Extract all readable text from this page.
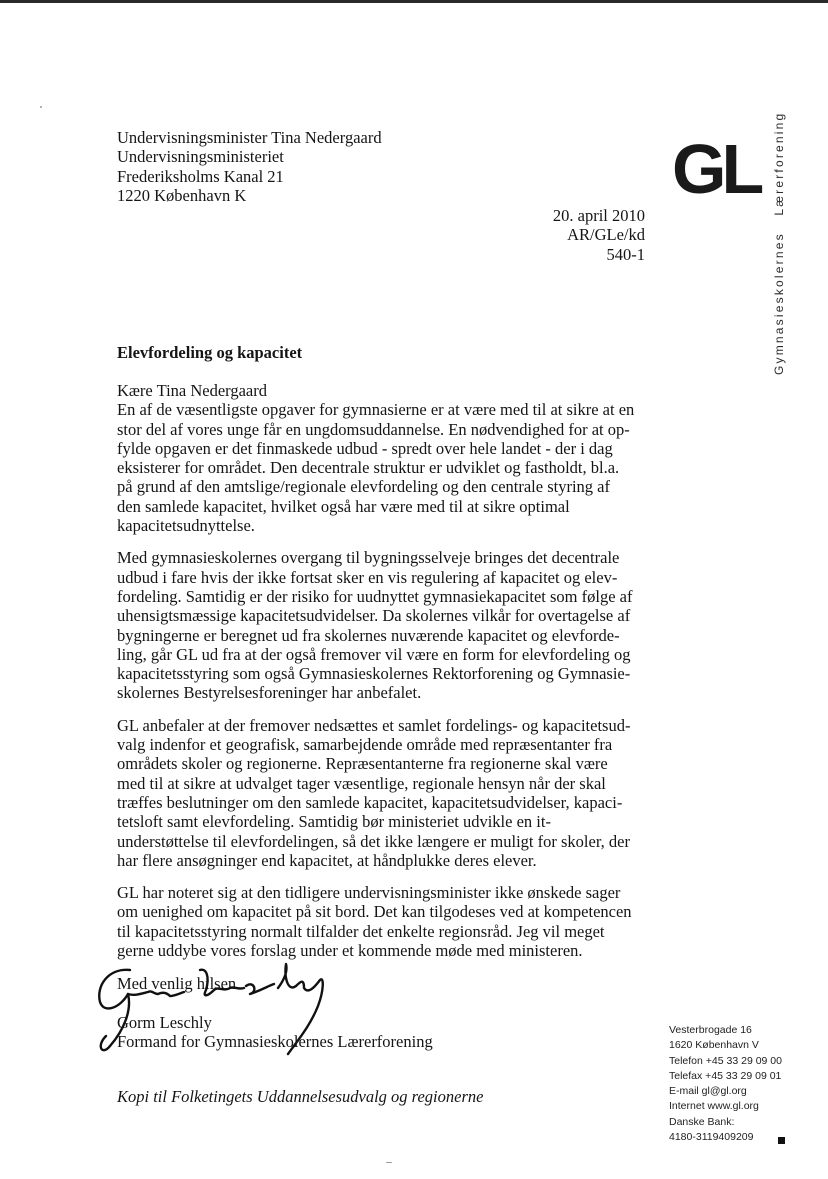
Undervisningsminister Tina Nedergaard
Undervisningsministeriet
Frederiksholms Kanal 21
1220 København K
20. april 2010
AR/GLe/kd
540-1
GL
Gymnasieskolernes   Lærerforening
Elevfordeling og kapacitet

Kære Tina Nedergaard

En af de væsentligste opgaver for gymnasierne er at være med til at sikre at en

stor del af vores unge får en ungdomsuddannelse. En nødvendighed for at op-

fylde opgaven er det finmaskede udbud - spredt over hele landet - der i dag

eksisterer for området. Den decentrale struktur er udviklet og fastholdt, bl.a.

på grund af den amtslige/regionale elevfordeling og den centrale styring af

den samlede kapacitet, hvilket også har være med til at sikre optimal

kapacitetsudnyttelse.

Med gymnasieskolernes overgang til bygningsselveje bringes det decentrale

udbud i fare hvis der ikke fortsat sker en vis regulering af kapacitet og elev-

fordeling. Samtidig er der risiko for uudnyttet gymnasiekapacitet som følge af

uhensigtsmæssige kapacitetsudvidelser. Da skolernes vilkår for overtagelse af

bygningerne er beregnet ud fra skolernes nuværende kapacitet og elevforde-

ling, går GL ud fra at der også fremover vil være en form for elevfordeling og

kapacitetsstyring som også Gymnasieskolernes Rektorforening og Gymnasie-

skolernes Bestyrelsesforeninger har anbefalet.

GL anbefaler at der fremover nedsættes et samlet fordelings- og kapacitetsud-

valg indenfor et geografisk, samarbejdende område med repræsentanter fra

områdets skoler og regionerne. Repræsentanterne fra regionerne skal være

med til at sikre at udvalget tager væsentlige, regionale hensyn når der skal

træffes beslutninger om den samlede kapacitet, kapacitetsudvidelser, kapaci-

tetsloft samt elevfordeling. Samtidig bør ministeriet udvikle en it-

understøttelse til elevfordelingen, så det ikke længere er muligt for skoler, der

har flere ansøgninger end kapacitet, at håndplukke deres elever.

GL har noteret sig at den tidligere undervisningsminister ikke ønskede sager

om uenighed om kapacitet på sit bord. Det kan tilgodeses ved at kompetencen

til kapacitetsstyring normalt tilfalder det enkelte regionsråd. Jeg vil meget

gerne uddybe vores forslag under et kommende møde med ministeren.

Med venlig hilsen

Gorm Leschly
Formand for Gymnasieskolernes Lærerforening
Kopi til Folketingets Uddannelsesudvalg og regionerne
Vesterbrogade 16
1620 København V
Telefon +45 33 29 09 00
Telefax +45 33 29 09 01
E-mail gl@gl.org
Internet www.gl.org
Danske Bank:
4180-3119409209
